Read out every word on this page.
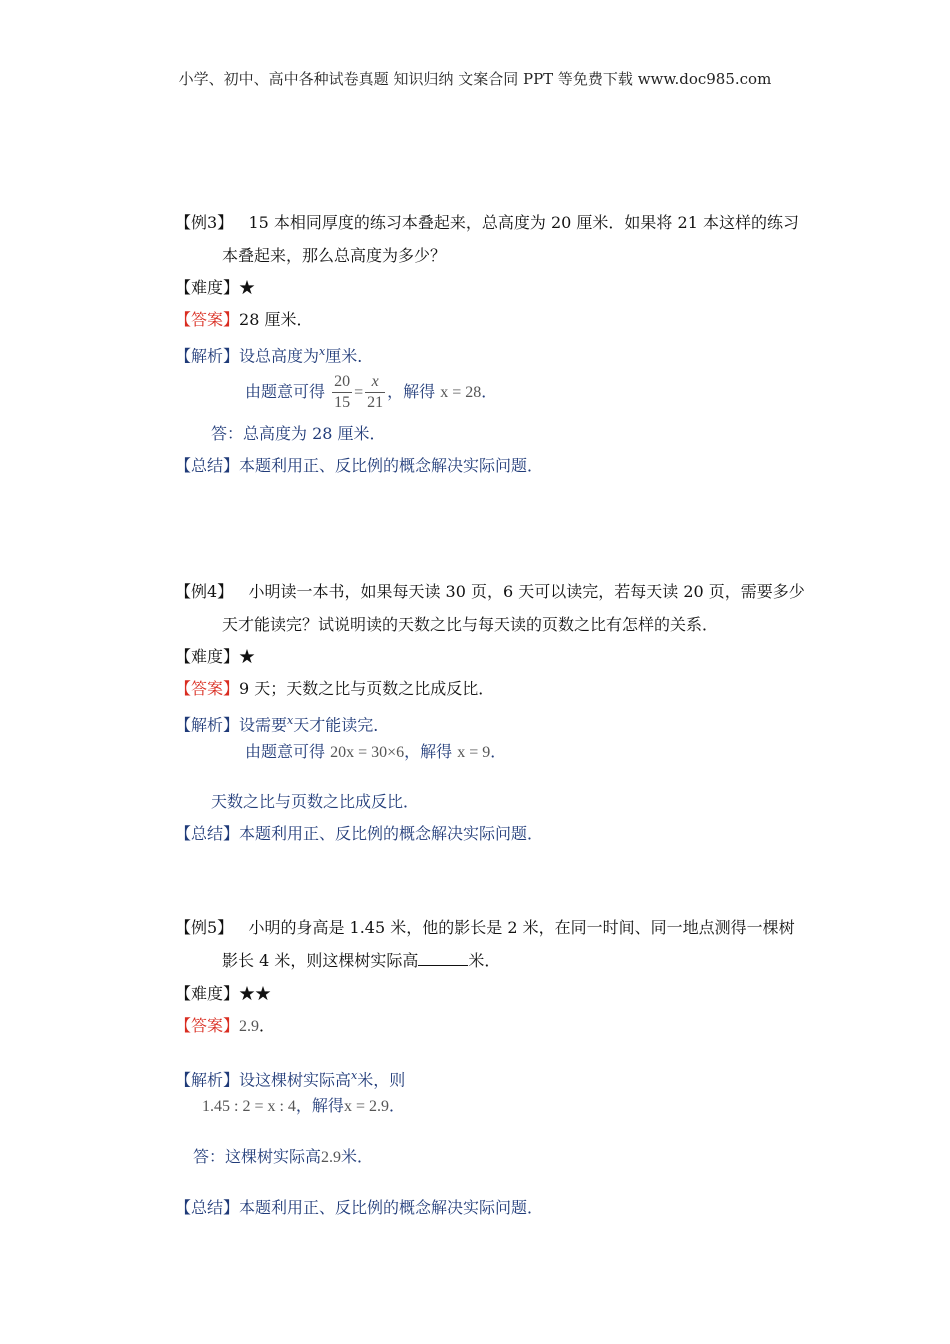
小学、初中、高中各种试卷真题 知识归纳 文案合同 PPT 等免费下载 www.doc985.com
【例3】 15 本相同厚度的练习本叠起来，总高度为 20 厘米．如果将 21 本这样的练习
本叠起来，那么总高度为多少？
【难度】★
【答案】28 厘米．
【解析】设总高度为$^x$厘米．
由题意可得 $\frac{20}{15} = \frac{x}{21}$ ，解得 x = 28．
答：总高度为 28 厘米．
【总结】本题利用正、反比例的概念解决实际问题．
【例4】 小明读一本书，如果每天读 30 页，6 天可以读完，若每天读 20 页，需要多少
天才能读完？试说明读的天数之比与每天读的页数之比有怎样的关系．
【难度】★
【答案】9 天；天数之比与页数之比成反比．
【解析】设需要$^x$天才能读完．
由题意可得 20x = 30×6，解得 x = 9．
天数之比与页数之比成反比．
【总结】本题利用正、反比例的概念解决实际问题．
【例5】 小明的身高是 1.45 米，他的影长是 2 米，在同一时间、同一地点测得一棵树
影长 4 米，则这棵树实际高	米．
【难度】★★
【答案】2.9．
【解析】设这棵树实际高$^x$米，则
1.45 : 2 = x : 4，解得x = 2.9．
答：这棵树实际高2.9米．
【总结】本题利用正、反比例的概念解决实际问题．
